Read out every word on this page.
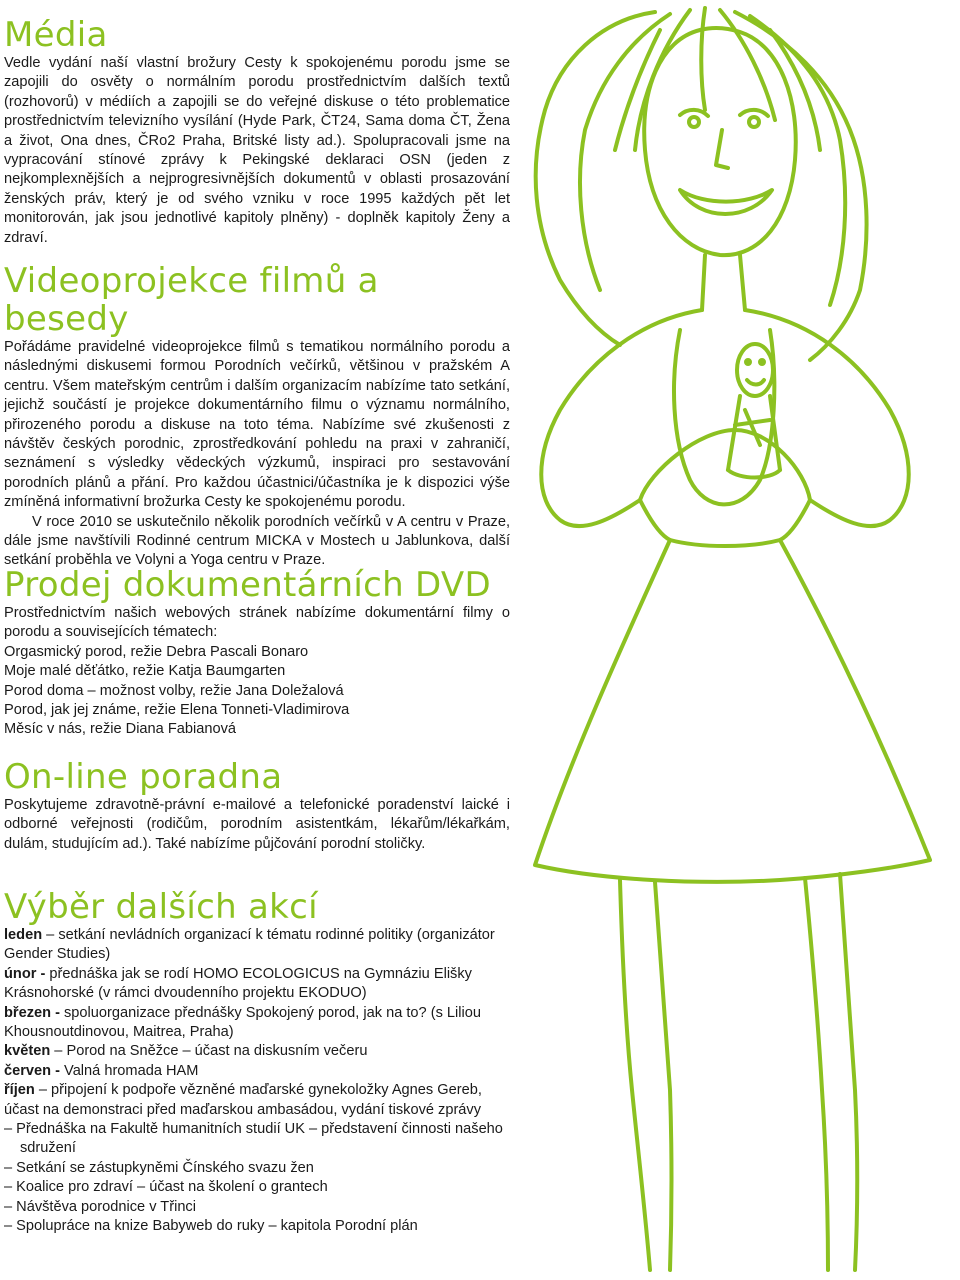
Média

Vedle vydání naší vlastní brožury Cesty k spokojenému porodu jsme se zapojili do osvěty o normálním porodu prostřednictvím dalších textů (rozhovorů) v médiích a zapojili se do veřejné diskuse o této problematice prostřednictvím televizního vysílání (Hyde Park, ČT24, Sama doma ČT, Žena a život, Ona dnes, ČRo2 Praha, Britské listy ad.). Spolupracovali jsme na vypracování stínové zprávy k Pekingské deklaraci OSN (jeden z nejkomplexnějších a nejprogresivnějších dokumentů v oblasti prosazování ženských práv, který je od svého vzniku v roce 1995 každých pět let monitorován, jak jsou jednotlivé kapitoly plněny) - doplněk kapitoly Ženy a zdraví.

Videoprojekce filmů a besedy

Pořádáme pravidelné videoprojekce filmů s tematikou normálního porodu a následnými diskusemi formou Porodních večírků, většinou v pražském A centru. Všem mateřským centrům i dalším organizacím nabízíme tato setkání, jejichž součástí je projekce dokumentárního filmu o významu normálního, přirozeného porodu a diskuse na toto téma. Nabízíme své zkušenosti z návštěv českých porodnic, zprostředkování pohledu na praxi v zahraničí, seznámení s výsledky vědeckých výzkumů, inspiraci pro sestavování porodních plánů a přání. Pro každou účastnici/účastníka je k dispozici výše zmíněná informativní brožurka Cesty ke spokojenému porodu.

V roce 2010 se uskutečnilo několik porodních večírků v A centru v Praze, dále jsme navštívili Rodinné centrum MICKA v Mostech u Jablunkova, další setkání proběhla ve Volyni a Yoga centru v Praze.

Prodej dokumentárních DVD

Prostřednictvím našich webových stránek nabízíme dokumentární filmy o porodu a souvisejících tématech:

Orgasmický porod, režie Debra Pascali Bonaro
Moje malé děťátko, režie Katja Baumgarten
Porod doma – možnost volby, režie Jana Doležalová
Porod, jak jej známe, režie Elena Tonneti-Vladimirova
Měsíc v nás, režie Diana Fabianová
On-line poradna

Poskytujeme zdravotně-právní e-mailové a telefonické poradenství laické i odborné veřejnosti (rodičům, porodním asistentkám, lékařům/lékařkám, dulám, studujícím ad.). Také nabízíme půjčování porodní stoličky.

Výběr dalších akcí
leden – setkání nevládních organizací k tématu rodinné politiky (organizátor Gender Studies)
únor - přednáška jak se rodí HOMO ECOLOGICUS na Gymnáziu Elišky Krásnohorské (v rámci dvoudenního projektu EKODUO)
březen - spoluorganizace přednášky Spokojený porod, jak na to? (s Liliou Khousnoutdinovou, Maitrea, Praha)
květen – Porod na Sněžce – účast na diskusním večeru
červen - Valná hromada HAM
říjen – připojení k podpoře vězněné maďarské gynekoložky Agnes Gereb, účast na demonstraci před maďarskou ambasádou, vydání tiskové zprávy
– Přednáška na Fakultě humanitních studií UK – představení činnosti našeho sdružení
– Setkání se zástupkyněmi Čínského svazu žen
– Koalice pro zdraví – účast na školení o grantech
– Návštěva porodnice v Třinci
– Spolupráce na knize Babyweb do ruky – kapitola Porodní plán
